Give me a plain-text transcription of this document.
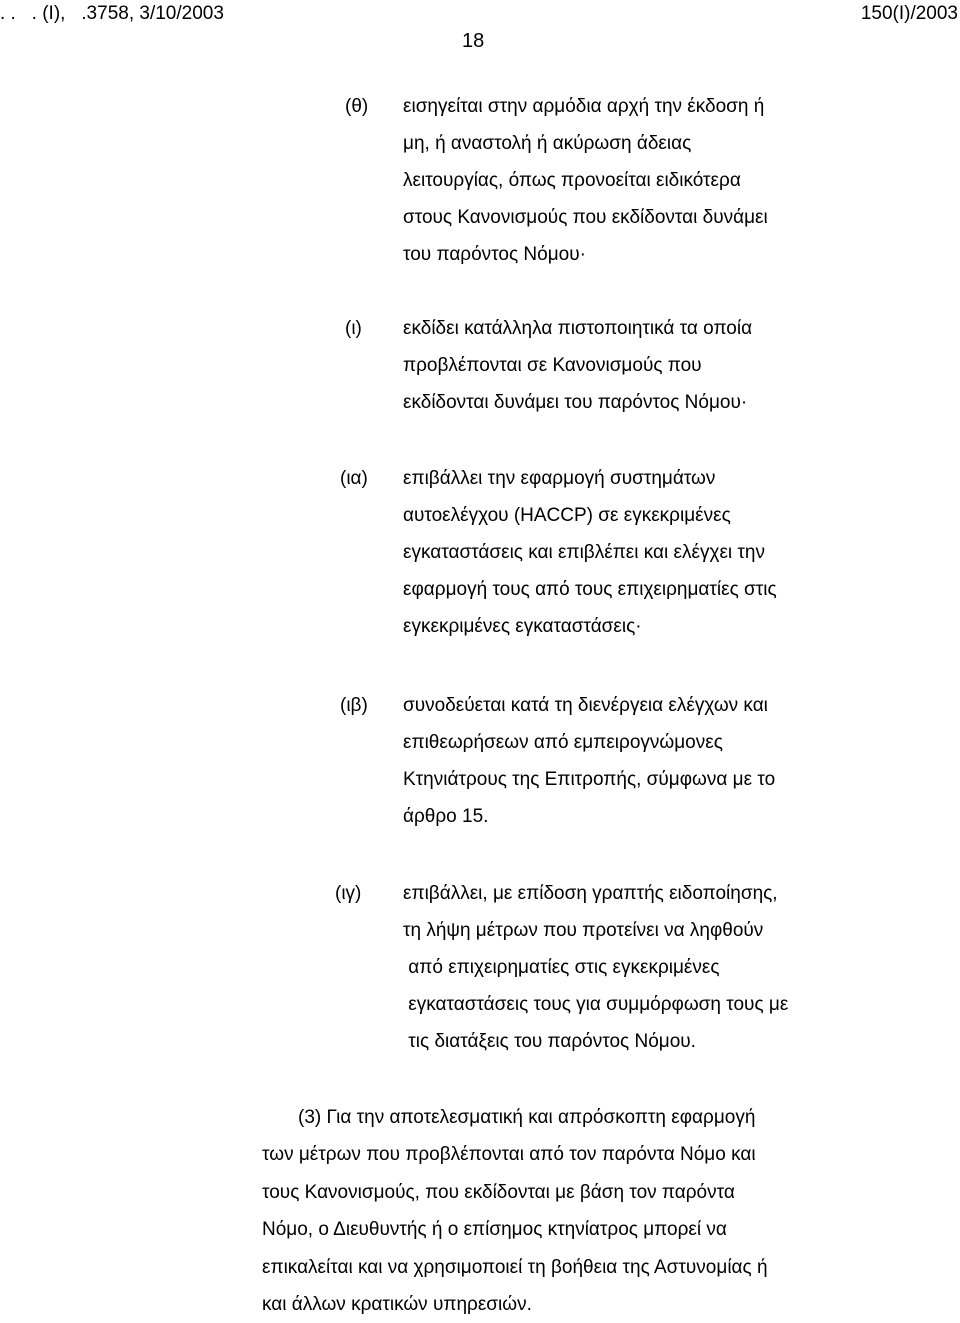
. .   . (Ι),   .3758, 3/10/2003	150(Ι)/2003
18
(θ) εισηγείται στην αρμόδια αρχή την έκδοση ή
μη, ή αναστολή ή ακύρωση άδειας
λειτουργίας, όπως προνοείται ειδικότερα
στους Κανονισμούς που εκδίδονται δυνάμει
του παρόντος Νόμου·
(ι) εκδίδει κατάλληλα πιστοποιητικά τα οποία
προβλέπονται σε Κανονισμούς που
εκδίδονται δυνάμει του παρόντος Νόμου·
(ια) επιβάλλει την εφαρμογή συστημάτων
αυτοελέγχου (HACCP) σε εγκεκριμένες
εγκαταστάσεις και επιβλέπει και ελέγχει την
εφαρμογή τους από τους επιχειρηματίες στις
εγκεκριμένες εγκαταστάσεις·
(ιβ) συνοδεύεται κατά τη διενέργεια ελέγχων και
επιθεωρήσεων από εμπειρογνώμονες
Κτηνιάτρους της Επιτροπής, σύμφωνα με το
άρθρο 15.
(ιγ) επιβάλλει, με επίδοση γραπτής ειδοποίησης,
τη λήψη μέτρων που προτείνει να ληφθούν
από επιχειρηματίες στις εγκεκριμένες
εγκαταστάσεις τους για συμμόρφωση τους με
τις διατάξεις του παρόντος Νόμου.
(3) Για την αποτελεσματική και απρόσκοπτη εφαρμογή
των μέτρων που προβλέπονται από τον παρόντα Νόμο και
τους Κανονισμούς, που εκδίδονται με βάση τον παρόντα
Νόμο, ο Διευθυντής ή ο επίσημος κτηνίατρος μπορεί να
επικαλείται και να χρησιμοποιεί τη βοήθεια της Αστυνομίας ή
και άλλων κρατικών υπηρεσιών.
